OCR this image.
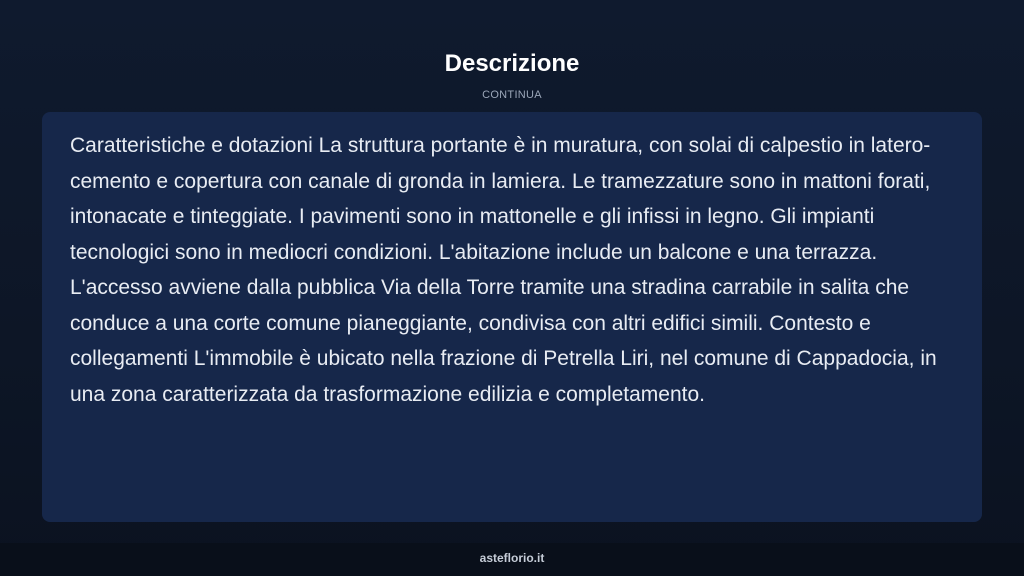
Descrizione
CONTINUA

Caratteristiche e dotazioni La struttura portante è in muratura, con solai di calpestio in latero-cemento e copertura con canale di gronda in lamiera. Le tramezzature sono in mattoni forati, intonacate e tinteggiate. I pavimenti sono in mattonelle e gli infissi in legno. Gli impianti tecnologici sono in mediocri condizioni. L'abitazione include un balcone e una terrazza. L'accesso avviene dalla pubblica Via della Torre tramite una stradina carrabile in salita che conduce a una corte comune pianeggiante, condivisa con altri edifici simili. Contesto e collegamenti L'immobile è ubicato nella frazione di Petrella Liri, nel comune di Cappadocia, in una zona caratterizzata da trasformazione edilizia e completamento.

asteflorio.it
